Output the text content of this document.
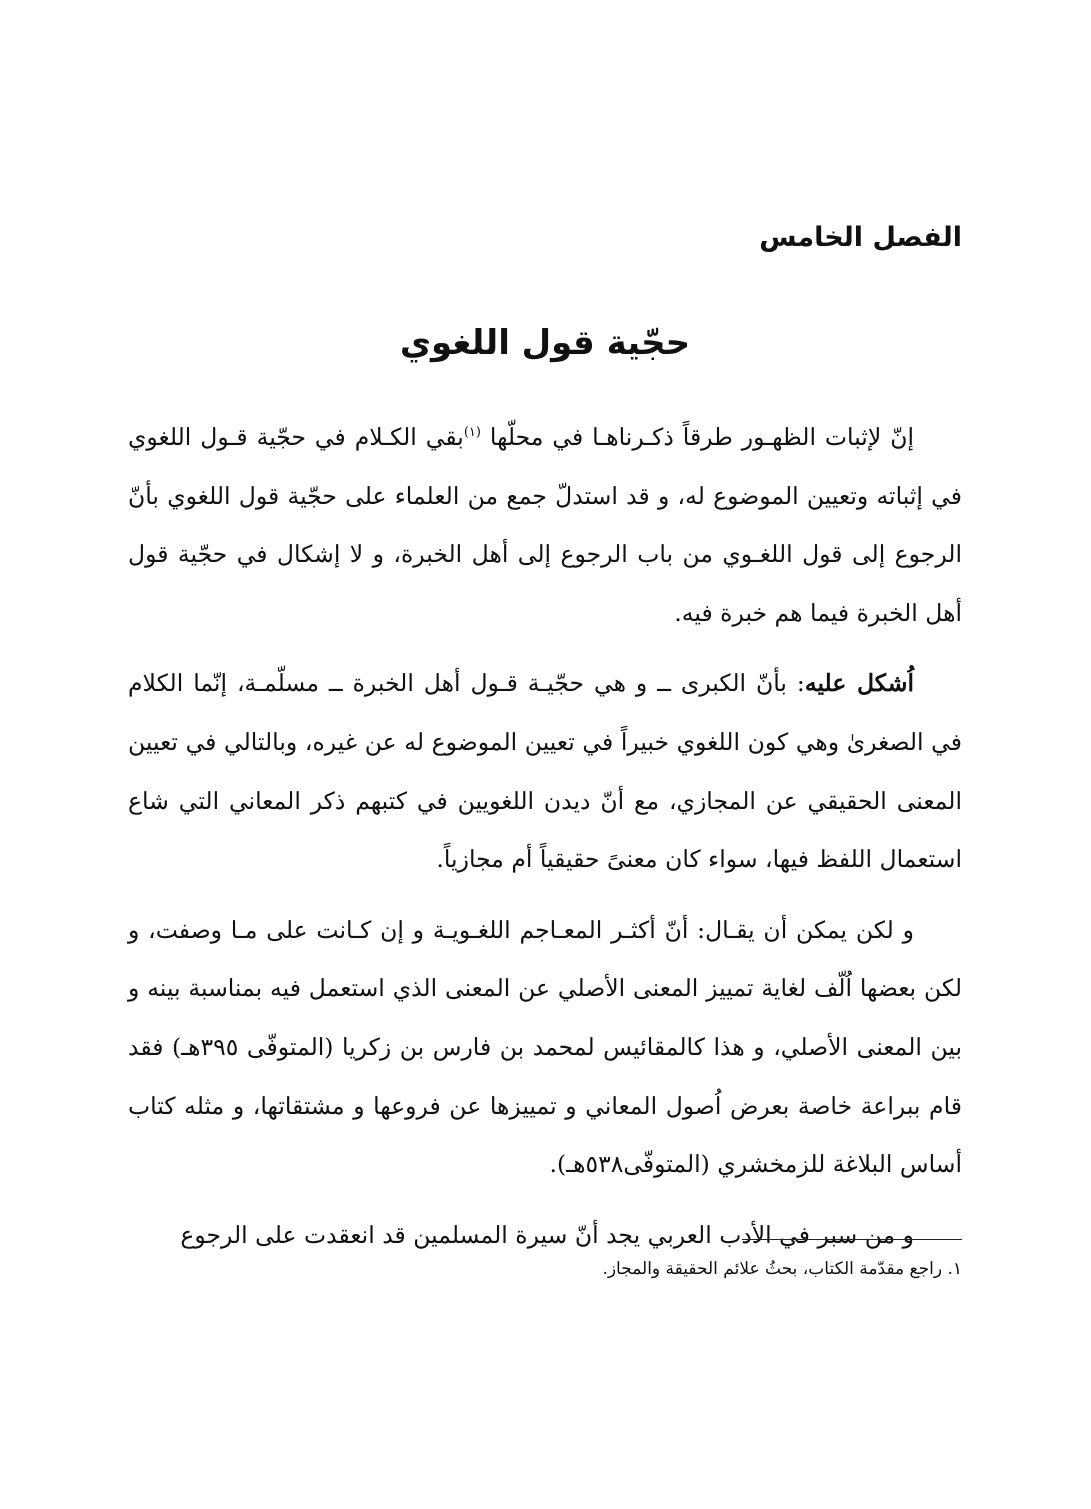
الفصل الخامس
حجّية قول اللغوي

إنّ لإثبات الظهـور طرقاً ذكـرناهـا في محلّها $^{(١)}$بقي الكـلام في حجّية قـول اللغوي في إثباته وتعيين الموضوع له، و قد استدلّ جمع من العلماء على حجّية قول اللغوي بأنّ الرجوع إلى قول اللغـوي من باب الرجوع إلى أهل الخبرة، و لا إشكال في حجّية قول أهل الخبرة فيما هم خبرة فيه.

اُشكل عليه: بأنّ الكبرى ــ و هي حجّيـة قـول أهل الخبرة ــ مسلّمـة، إنّما الكلام في الصغرىٰ وهي كون اللغوي خبيراً في تعيين الموضوع له عن غيره، وبالتالي في تعيين المعنى الحقيقي عن المجازي، مع أنّ ديدن اللغويين في كتبهم ذكر المعاني التي شاع استعمال اللفظ فيها، سواء كان معنىً حقيقياً أم مجازياً.

و لكن يمكن أن يقـال: أنّ أكثـر المعـاجم اللغـويـة و إن كـانت على مـا وصفت، و لكن بعضها اُلّف لغاية تمييز المعنى الأصلي عن المعنى الذي استعمل فيه بمناسبة بينه و بين المعنى الأصلي، و هذا كالمقائيس لمحمد بن فارس بن زكريا (المتوفّى ٣٩٥هـ) فقد قام ببراعة خاصة بعرض اُصول المعاني و تمييزها عن فروعها و مشتقاتها، و مثله كتاب أساس البلاغة للزمخشري (المتوفّى٥٣٨هـ).

و من سبر في الأدب العربي يجد أنّ سيرة المسلمين قد انعقدت على الرجوع

١. راجع مقدّمة الكتاب، بحثُ علائم الحقيقة والمجاز.
